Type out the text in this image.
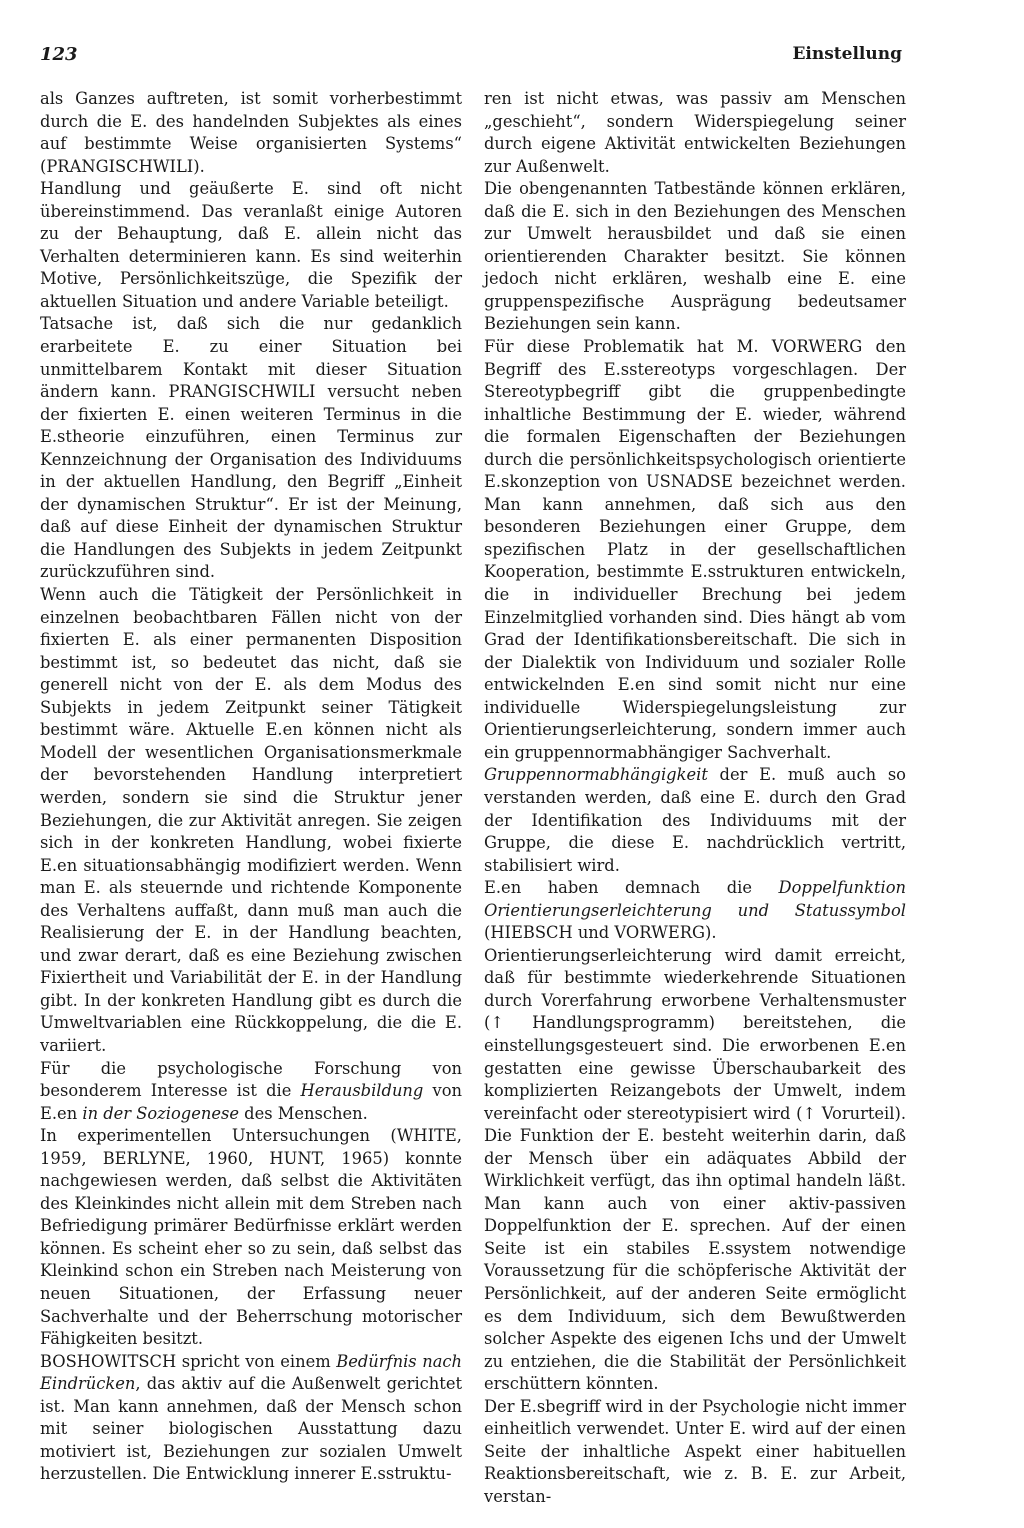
123	Einstellung

als Ganzes auftreten, ist somit vorherbestimmt durch die E. des handelnden Subjektes als eines auf bestimmte Weise organisierten Systems“ (PRANGISCHWILI).

Handlung und geäußerte E. sind oft nicht übereinstimmend. Das veranlaßt einige Autoren zu der Behauptung, daß E. allein nicht das Verhalten determinieren kann. Es sind weiterhin Motive, Persönlichkeitszüge, die Spezifik der aktuellen Situation und andere Variable beteiligt.

Tatsache ist, daß sich die nur gedanklich erarbeitete E. zu einer Situation bei unmittelbarem Kontakt mit dieser Situation ändern kann. PRANGISCHWILI versucht neben der fixierten E. einen weiteren Terminus in die E.stheorie einzuführen, einen Terminus zur Kennzeichnung der Organisation des Individuums in der aktuellen Handlung, den Begriff „Einheit der dynamischen Struktur“. Er ist der Meinung, daß auf diese Einheit der dynamischen Struktur die Handlungen des Subjekts in jedem Zeitpunkt zurückzuführen sind.

Wenn auch die Tätigkeit der Persönlichkeit in einzelnen beobachtbaren Fällen nicht von der fixierten E. als einer permanenten Disposition bestimmt ist, so bedeutet das nicht, daß sie generell nicht von der E. als dem Modus des Subjekts in jedem Zeitpunkt seiner Tätigkeit bestimmt wäre. Aktuelle E.en können nicht als Modell der wesentlichen Organisationsmerkmale der bevorstehenden Handlung interpretiert werden, sondern sie sind die Struktur jener Beziehungen, die zur Aktivität anregen. Sie zeigen sich in der konkreten Handlung, wobei fixierte E.en situationsabhängig modifiziert werden. Wenn man E. als steuernde und richtende Komponente des Verhaltens auffaßt, dann muß man auch die Realisierung der E. in der Handlung beachten, und zwar derart, daß es eine Beziehung zwischen Fixiertheit und Variabilität der E. in der Handlung gibt. In der konkreten Handlung gibt es durch die Umweltvariablen eine Rückkoppelung, die die E. variiert.

Für die psychologische Forschung von besonderem Interesse ist die Herausbildung von E.en in der Soziogenese des Menschen.

In experimentellen Untersuchungen (WHITE, 1959, BERLYNE, 1960, HUNT, 1965) konnte nachgewiesen werden, daß selbst die Aktivitäten des Kleinkindes nicht allein mit dem Streben nach Befriedigung primärer Bedürfnisse erklärt werden können. Es scheint eher so zu sein, daß selbst das Kleinkind schon ein Streben nach Meisterung von neuen Situationen, der Erfassung neuer Sachverhalte und der Beherrschung motorischer Fähigkeiten besitzt.

BOSHOWITSCH spricht von einem Bedürfnis nach Eindrücken, das aktiv auf die Außenwelt gerichtet ist. Man kann annehmen, daß der Mensch schon mit seiner biologischen Ausstattung dazu motiviert ist, Beziehungen zur sozialen Umwelt herzustellen. Die Entwicklung innerer E.sstruktu-

ren ist nicht etwas, was passiv am Menschen „geschieht“, sondern Widerspiegelung seiner durch eigene Aktivität entwickelten Beziehungen zur Außenwelt.

Die obengenannten Tatbestände können erklären, daß die E. sich in den Beziehungen des Menschen zur Umwelt herausbildet und daß sie einen orientierenden Charakter besitzt. Sie können jedoch nicht erklären, weshalb eine E. eine gruppenspezifische Ausprägung bedeutsamer Beziehungen sein kann.

Für diese Problematik hat M. VORWERG den Begriff des E.sstereotyps vorgeschlagen. Der Stereotypbegriff gibt die gruppenbedingte inhaltliche Bestimmung der E. wieder, während die formalen Eigenschaften der Beziehungen durch die persönlichkeitspsychologisch orientierte E.skonzeption von USNADSE bezeichnet werden. Man kann annehmen, daß sich aus den besonderen Beziehungen einer Gruppe, dem spezifischen Platz in der gesellschaftlichen Kooperation, bestimmte E.sstrukturen entwickeln, die in individueller Brechung bei jedem Einzelmitglied vorhanden sind. Dies hängt ab vom Grad der Identifikationsbereitschaft. Die sich in der Dialektik von Individuum und sozialer Rolle entwickelnden E.en sind somit nicht nur eine individuelle Widerspiegelungsleistung zur Orientierungserleichterung, sondern immer auch ein gruppennormabhängiger Sachverhalt.

Gruppennormabhängigkeit der E. muß auch so verstanden werden, daß eine E. durch den Grad der Identifikation des Individuums mit der Gruppe, die diese E. nachdrücklich vertritt, stabilisiert wird.

E.en haben demnach die Doppelfunktion Orientierungserleichterung und Statussymbol (HIEBSCH und VORWERG).

Orientierungserleichterung wird damit erreicht, daß für bestimmte wiederkehrende Situationen durch Vorerfahrung erworbene Verhaltensmuster (↑ Handlungsprogramm) bereitstehen, die einstellungsgesteuert sind. Die erworbenen E.en gestatten eine gewisse Überschaubarkeit des komplizierten Reizangebots der Umwelt, indem vereinfacht oder stereotypisiert wird (↑ Vorurteil). Die Funktion der E. besteht weiterhin darin, daß der Mensch über ein adäquates Abbild der Wirklichkeit verfügt, das ihn optimal handeln läßt. Man kann auch von einer aktiv-passiven Doppelfunktion der E. sprechen. Auf der einen Seite ist ein stabiles E.ssystem notwendige Voraussetzung für die schöpferische Aktivität der Persönlichkeit, auf der anderen Seite ermöglicht es dem Individuum, sich dem Bewußtwerden solcher Aspekte des eigenen Ichs und der Umwelt zu entziehen, die die Stabilität der Persönlichkeit erschüttern könnten.

Der E.sbegriff wird in der Psychologie nicht immer einheitlich verwendet. Unter E. wird auf der einen Seite der inhaltliche Aspekt einer habituellen Reaktionsbereitschaft, wie z. B. E. zur Arbeit, verstan-
